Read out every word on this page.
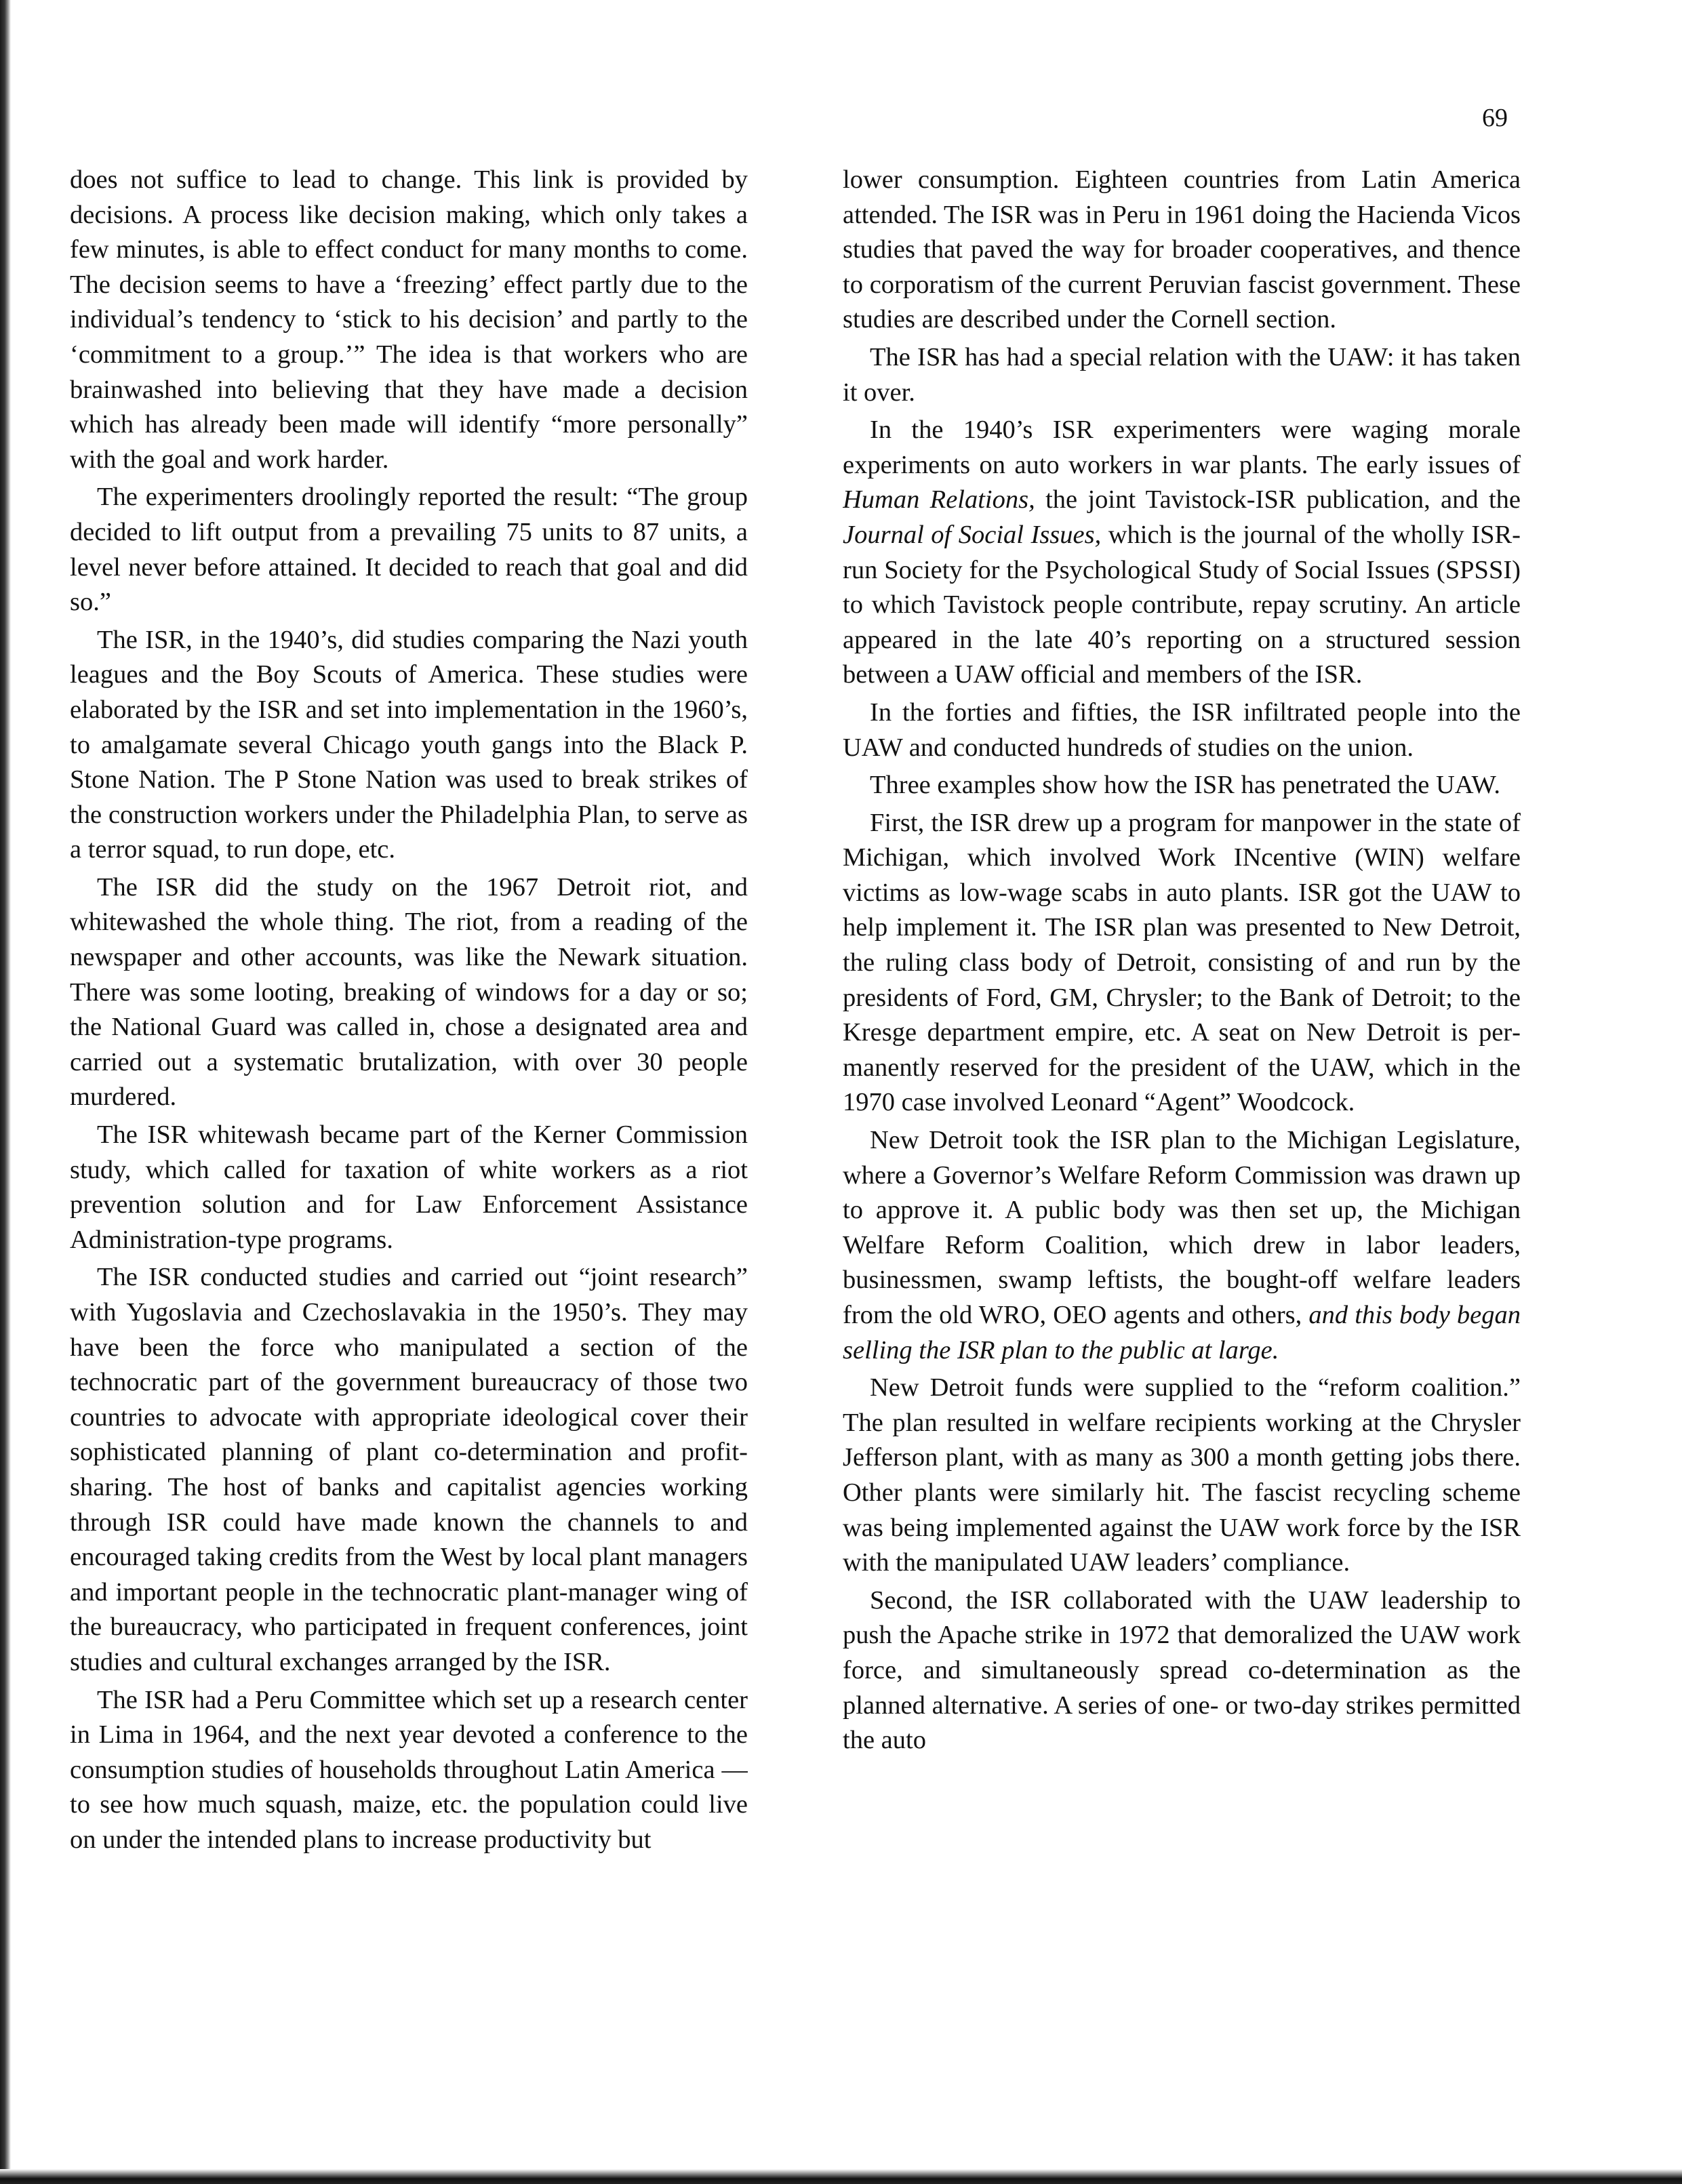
69

does not suffice to lead to change. This link is provided by decisions. A process like decision making, which only takes a few minutes, is able to effect conduct for many months to come. The decision seems to have a ‘freezing’ effect partly due to the individual’s tendency to ‘stick to his decision’ and partly to the ‘commitment to a group.’” The idea is that workers who are brainwashed into believing that they have made a decision which has already been made will identify “more personally” with the goal and work harder.

The experimenters droolingly reported the result: “The group decided to lift output from a prevailing 75 units to 87 units, a level never before attained. It decided to reach that goal and did so.”

The ISR, in the 1940’s, did studies comparing the Nazi youth leagues and the Boy Scouts of America. These studies were elaborated by the ISR and set into implementation in the 1960’s, to amalgamate several Chicago youth gangs into the Black P. Stone Nation. The P Stone Nation was used to break strikes of the construction workers under the Philadelphia Plan, to serve as a terror squad, to run dope, etc.

The ISR did the study on the 1967 Detroit riot, and whitewashed the whole thing. The riot, from a reading of the newspaper and other accounts, was like the Newark situation. There was some looting, breaking of windows for a day or so; the National Guard was called in, chose a designated area and carried out a systematic brutalization, with over 30 people murdered.

The ISR whitewash became part of the Kerner Commission study, which called for taxation of white workers as a riot prevention solution and for Law Enforcement Assistance Administration-type programs.

The ISR conducted studies and carried out “joint research” with Yugoslavia and Czechoslavakia in the 1950’s. They may have been the force who manipulated a section of the technocratic part of the government bureaucracy of those two countries to advocate with appropriate ideological cover their sophisticated planning of plant co-determination and profit-sharing. The host of banks and capitalist agencies working through ISR could have made known the channels to and encouraged taking credits from the West by local plant managers and important people in the technocratic plant-manager wing of the bureaucracy, who participated in frequent conferences, joint studies and cultural exchanges arranged by the ISR.

The ISR had a Peru Committee which set up a research center in Lima in 1964, and the next year devoted a conference to the consumption studies of households throughout Latin America — to see how much squash, maize, etc. the population could live on under the intended plans to increase productivity but

lower consumption. Eighteen countries from Latin America attended. The ISR was in Peru in 1961 doing the Hacienda Vicos studies that paved the way for broader cooperatives, and thence to corporatism of the current Peruvian fascist government. These studies are described under the Cornell section.

The ISR has had a special relation with the UAW: it has taken it over.

In the 1940’s ISR experimenters were waging morale experiments on auto workers in war plants. The early issues of Human Relations, the joint Tavistock-ISR publication, and the Journal of Social Issues, which is the journal of the wholly ISR-run Society for the Psychological Study of Social Issues (SPSSI) to which Tavistock people contribute, repay scrutiny. An article appeared in the late 40’s reporting on a structured session between a UAW official and members of the ISR.

In the forties and fifties, the ISR infiltrated people into the UAW and conducted hundreds of studies on the union.

Three examples show how the ISR has penetrated the UAW.

First, the ISR drew up a program for manpower in the state of Michigan, which involved Work INcentive (WIN) welfare victims as low-wage scabs in auto plants. ISR got the UAW to help implement it. The ISR plan was presented to New Detroit, the ruling class body of Detroit, consisting of and run by the presidents of Ford, GM, Chrysler; to the Bank of Detroit; to the Kresge department empire, etc. A seat on New Detroit is permanently reserved for the president of the UAW, which in the 1970 case involved Leonard “Agent” Woodcock.

New Detroit took the ISR plan to the Michigan Legislature, where a Governor’s Welfare Reform Commission was drawn up to approve it. A public body was then set up, the Michigan Welfare Reform Coalition, which drew in labor leaders, businessmen, swamp leftists, the bought-off welfare leaders from the old WRO, OEO agents and others, and this body began selling the ISR plan to the public at large.

New Detroit funds were supplied to the “reform coalition.” The plan resulted in welfare recipients working at the Chrysler Jefferson plant, with as many as 300 a month getting jobs there. Other plants were similarly hit. The fascist recycling scheme was being implemented against the UAW work force by the ISR with the manipulated UAW leaders’ compliance.

Second, the ISR collaborated with the UAW leadership to push the Apache strike in 1972 that demoralized the UAW work force, and simultaneously spread co-determination as the planned alternative. A series of one- or two-day strikes permitted the auto
